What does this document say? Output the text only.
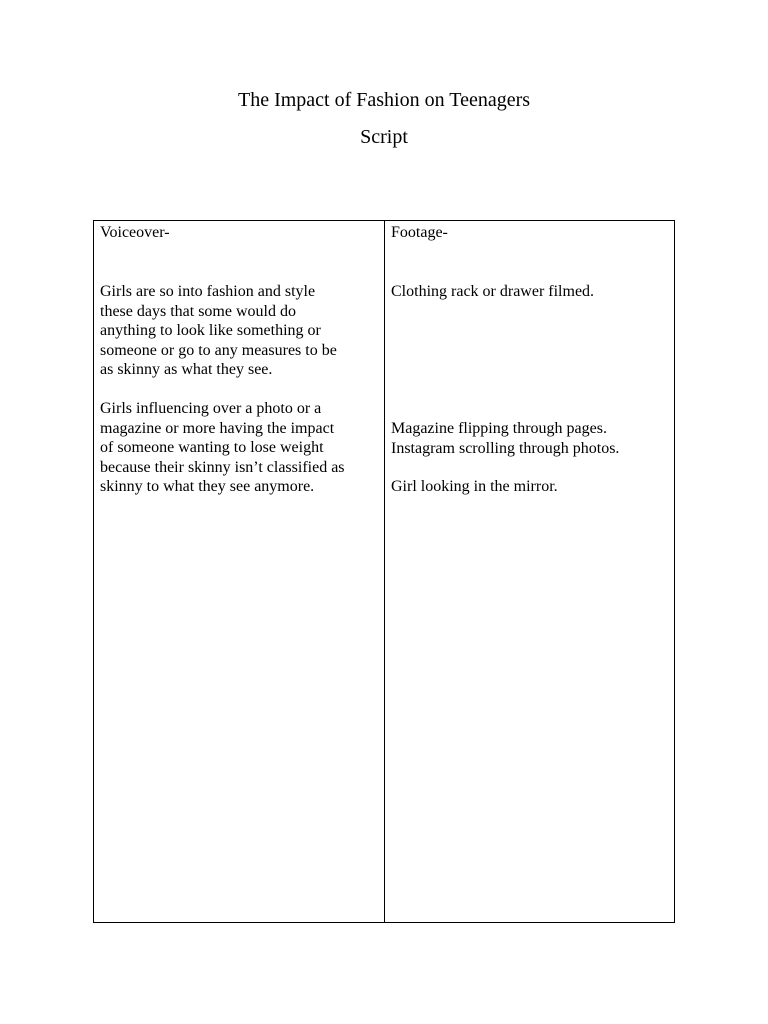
The Impact of Fashion on Teenagers
Script
Voiceover-

Girls are so into fashion and style
these days that some would do
anything to look like something or
someone or go to any measures to be
as skinny as what they see.

Girls influencing over a photo or a
magazine or more having the impact
of someone wanting to lose weight
because their skinny isn’t classified as
skinny to what they see anymore.

Footage-

Clothing rack or drawer filmed.

Magazine flipping through pages.
Instagram scrolling through photos.

Girl looking in the mirror.
